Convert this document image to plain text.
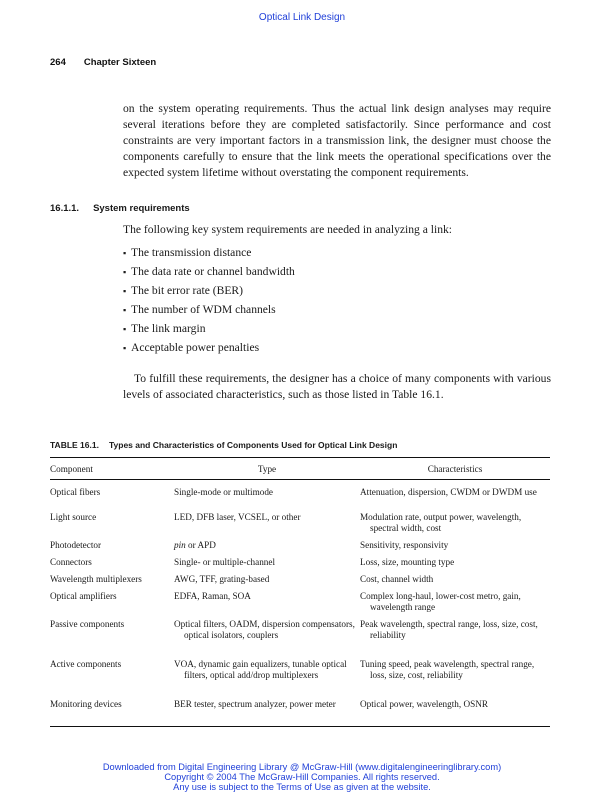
Optical Link Design
264 Chapter Sixteen
on the system operating requirements. Thus the actual link design analyses may require several iterations before they are completed satisfactorily. Since performance and cost constraints are very important factors in a transmission link, the designer must choose the components carefully to ensure that the link meets the operational specifications over the expected system lifetime without overstating the component requirements.
16.1.1. System requirements
The following key system requirements are needed in analyzing a link:
▪ The transmission distance
▪ The data rate or channel bandwidth
▪ The bit error rate (BER)
▪ The number of WDM channels
▪ The link margin
▪ Acceptable power penalties

To fulfill these requirements, the designer has a choice of many components with various levels of associated characteristics, such as those listed in Table 16.1.

TABLE 16.1. Types and Characteristics of Components Used for Optical Link Design
Component	Type	Characteristics
Optical fibers	Single-mode or multimode	Attenuation, dispersion, CWDM or DWDM use
Light source	LED, DFB laser, VCSEL, or other	Modulation rate, output power, wavelength, spectral width, cost
Photodetector	pin or APD	Sensitivity, responsivity
Connectors	Single- or multiple-channel	Loss, size, mounting type
Wavelength multiplexers	AWG, TFF, grating-based	Cost, channel width
Optical amplifiers	EDFA, Raman, SOA	Complex long-haul, lower-cost metro, gain, wavelength range
Passive components	Optical filters, OADM, dispersion compensators, optical isolators, couplers	Peak wavelength, spectral range, loss, size, cost, reliability
Active components	VOA, dynamic gain equalizers, tunable optical filters, optical add/drop multiplexers	Tuning speed, peak wavelength, spectral range, loss, size, cost, reliability
Monitoring devices	BER tester, spectrum analyzer, power meter	Optical power, wavelength, OSNR
Downloaded from Digital Engineering Library @ McGraw-Hill (www.digitalengineeringlibrary.com)
Copyright © 2004 The McGraw-Hill Companies. All rights reserved.
Any use is subject to the Terms of Use as given at the website.
